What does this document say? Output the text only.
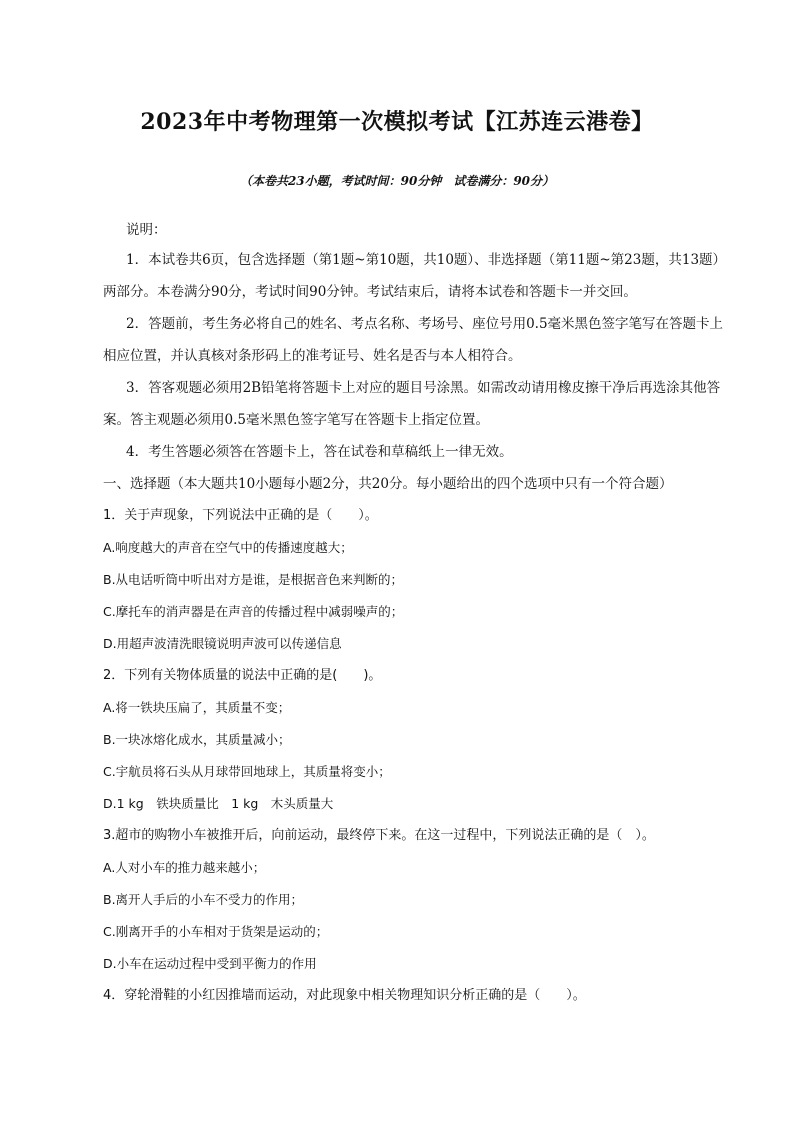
2023年中考物理第一次模拟考试【江苏连云港卷】
（本卷共23小题，考试时间：90分钟　试卷满分：90分）
说明：
1．本试卷共6页，包含选择题（第1题~第10题，共10题）、非选择题（第11题~第23题，共13题）
两部分。本卷满分90分，考试时间90分钟。考试结束后，请将本试卷和答题卡一并交回。
2．答题前，考生务必将自己的姓名、考点名称、考场号、座位号用0.5毫米黑色签字笔写在答题卡上
相应位置，并认真核对条形码上的准考证号、姓名是否与本人相符合。
3．答客观题必须用2B铅笔将答题卡上对应的题目号涂黑。如需改动请用橡皮擦干净后再选涂其他答
案。答主观题必须用0.5毫米黑色签字笔写在答题卡上指定位置。
4．考生答题必须答在答题卡上，答在试卷和草稿纸上一律无效。
一、选择题（本大题共10小题每小题2分，共20分。每小题给出的四个选项中只有一个符合题）
1．关于声现象，下列说法中正确的是（　　）。
A.响度越大的声音在空气中的传播速度越大；
B.从电话听筒中听出对方是谁，是根据音色来判断的；
C.摩托车的消声器是在声音的传播过程中减弱噪声的；
D.用超声波清洗眼镜说明声波可以传递信息
2．下列有关物体质量的说法中正确的是(　　)。
A.将一铁块压扁了，其质量不变；
B.一块冰熔化成水，其质量减小；
C.宇航员将石头从月球带回地球上，其质量将变小；
D.1 kg　铁块质量比　1 kg　木头质量大
3.超市的购物小车被推开后，向前运动，最终停下来。在这一过程中，下列说法正确的是（　）。
A.人对小车的推力越来越小；
B.离开人手后的小车不受力的作用；
C.刚离开手的小车相对于货架是运动的；
D.小车在运动过程中受到平衡力的作用
4．穿轮滑鞋的小红因推墙而运动，对此现象中相关物理知识分析正确的是（　　）。
